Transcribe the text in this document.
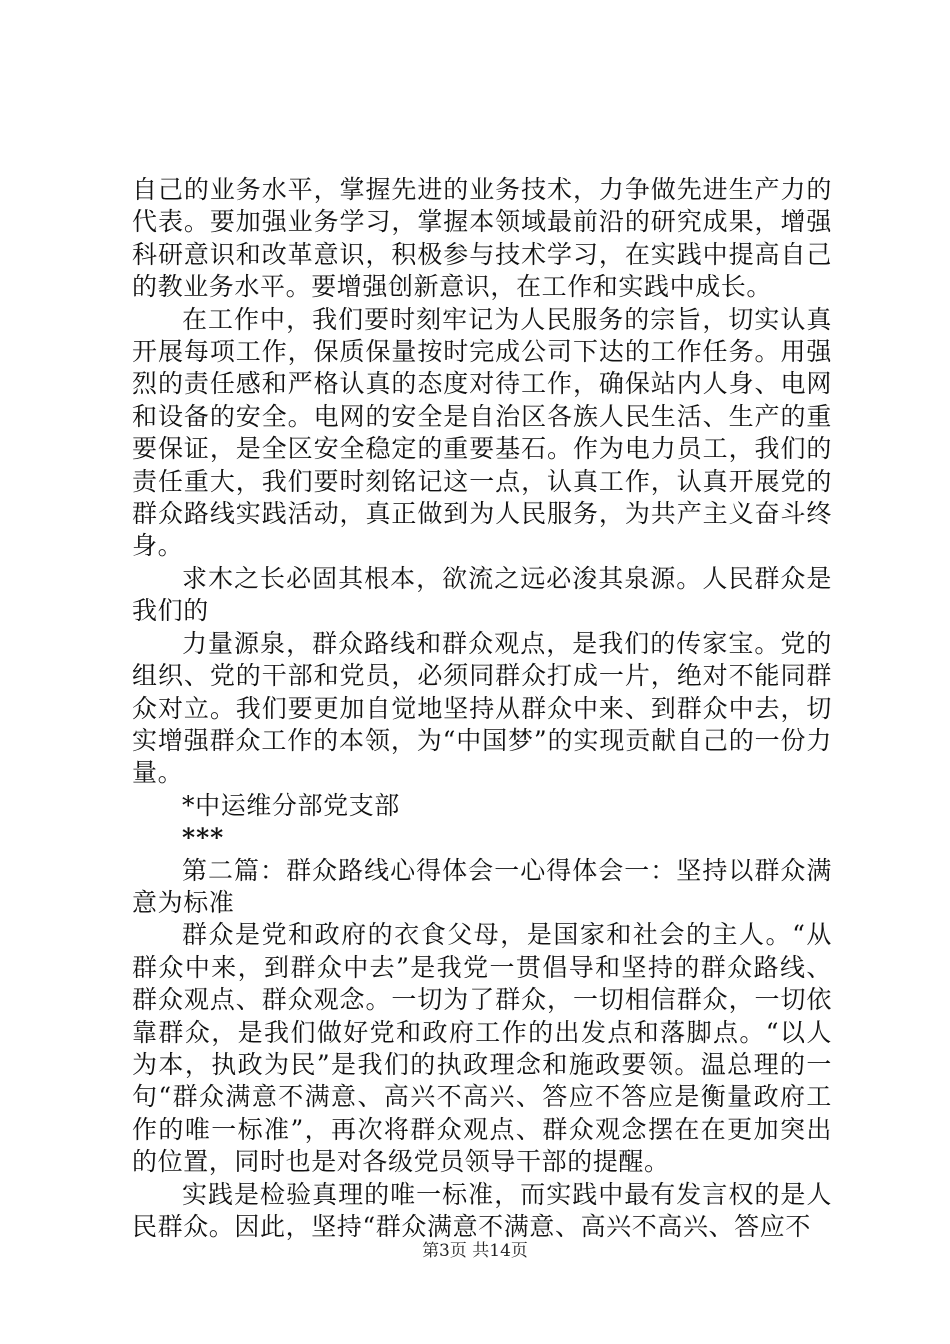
自己的业务水平，掌握先进的业务技术，力争做先进生产力的代表。要加强业务学习，掌握本领域最前沿的研究成果，增强科研意识和改革意识，积极参与技术学习，在实践中提高自己的教业务水平。要增强创新意识，在工作和实践中成长。

在工作中，我们要时刻牢记为人民服务的宗旨，切实认真开展每项工作，保质保量按时完成公司下达的工作任务。用强烈的责任感和严格认真的态度对待工作，确保站内人身、电网和设备的安全。电网的安全是自治区各族人民生活、生产的重要保证，是全区安全稳定的重要基石。作为电力员工，我们的责任重大，我们要时刻铭记这一点，认真工作，认真开展党的群众路线实践活动，真正做到为人民服务，为共产主义奋斗终身。

求木之长必固其根本，欲流之远必浚其泉源。人民群众是我们的

力量源泉，群众路线和群众观点，是我们的传家宝。党的组织、党的干部和党员，必须同群众打成一片，绝对不能同群众对立。我们要更加自觉地坚持从群众中来、到群众中去，切实增强群众工作的本领，为“中国梦”的实现贡献自己的一份力量。

*中运维分部党支部

***

第二篇：群众路线心得体会一心得体会一：坚持以群众满意为标准

群众是党和政府的衣食父母，是国家和社会的主人。“从群众中来，到群众中去”是我党一贯倡导和坚持的群众路线、群众观点、群众观念。一切为了群众，一切相信群众，一切依靠群众，是我们做好党和政府工作的出发点和落脚点。“以人为本，执政为民”是我们的执政理念和施政要领。温总理的一句“群众满意不满意、高兴不高兴、答应不答应是衡量政府工作的唯一标准”，再次将群众观点、群众观念摆在在更加突出的位置，同时也是对各级党员领导干部的提醒。

实践是检验真理的唯一标准，而实践中最有发言权的是人民群众。因此，坚持“群众满意不满意、高兴不高兴、答应不

第3页 共14页
